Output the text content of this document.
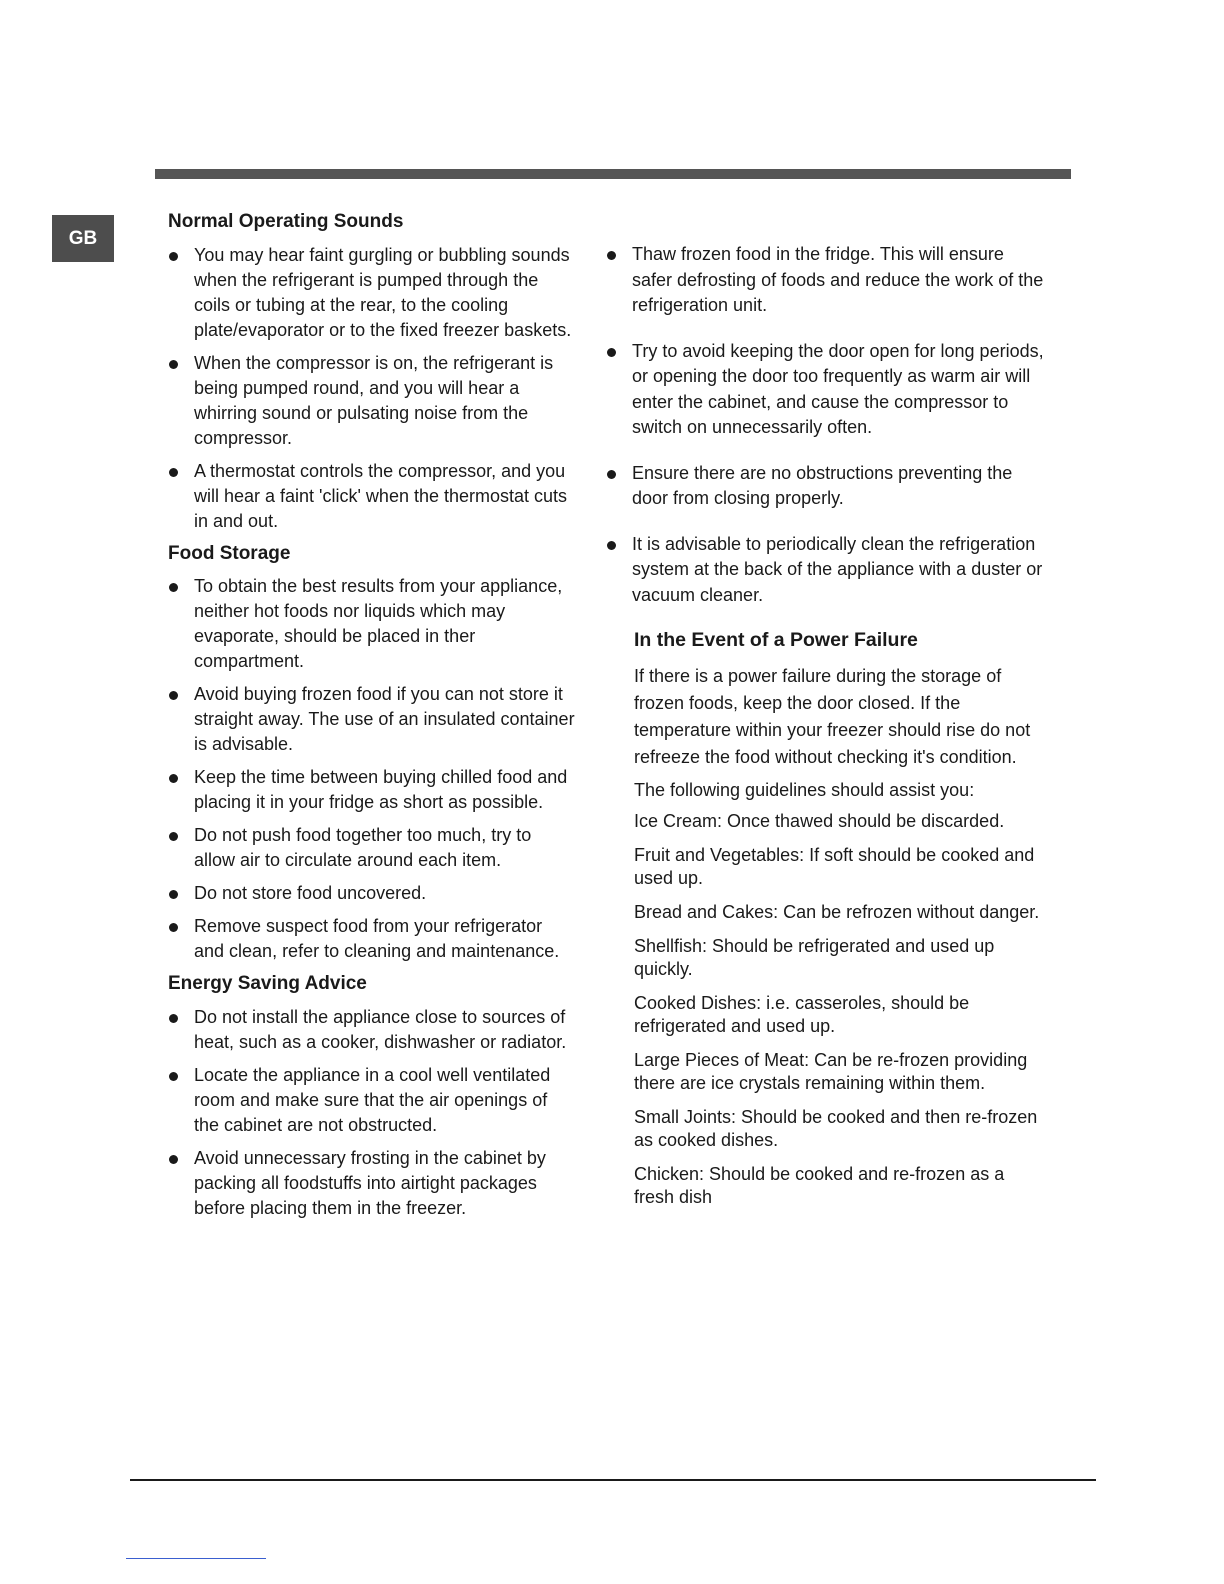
GB
Normal Operating Sounds
You may hear faint gurgling or bubbling sounds when the refrigerant is pumped through the coils or tubing at the rear, to the cooling plate/evaporator or to the fixed freezer baskets.
When the compressor is on, the refrigerant is being pumped round, and you will hear a whirring sound or pulsating noise from the compressor.
A thermostat controls the compressor, and you will hear a faint 'click' when the thermostat cuts in and out.
Food Storage
To obtain the best results from your appliance, neither hot foods nor liquids which may evaporate, should be placed in ther compartment.
Avoid buying frozen food if you can not store it straight away. The use of an insulated container is advisable.
Keep the time between buying chilled food and placing it in your fridge as short as possible.
Do not push food together too much, try to allow air to circulate around each item.
Do not store food uncovered.
Remove suspect food from your refrigerator and clean, refer to cleaning and maintenance.
Energy Saving Advice
Do not install the appliance close to sources of heat, such as a cooker, dishwasher or radiator.
Locate the appliance in a cool well ventilated room and make sure that the air openings of the cabinet are not obstructed.
Avoid unnecessary frosting in the cabinet by packing all foodstuffs into airtight packages before placing them in the freezer.
Thaw frozen food in the fridge. This will ensure safer defrosting of foods and reduce the work of the refrigeration unit.
Try to avoid keeping the door open for long periods, or opening the door too frequently as warm air will enter the cabinet, and cause the compressor to switch on unnecessarily often.
Ensure there are no obstructions preventing the door from closing properly.
It is advisable to periodically clean the refrigeration system at the back of the appliance with a duster or vacuum cleaner.
In the Event of a Power Failure

If there is a power failure during the storage of frozen foods, keep the door closed. If the temperature within your freezer should rise do not refreeze the food without checking it's condition.

The following guidelines should assist you:

Ice Cream: Once thawed should be discarded.

Fruit and Vegetables: If soft should be cooked and used up.

Bread and Cakes: Can be refrozen without danger.

Shellfish: Should be refrigerated and used up quickly.

Cooked Dishes: i.e. casseroles, should be refrigerated and used up.

Large Pieces of Meat: Can be re-frozen providing there are ice crystals remaining within them.

Small Joints: Should be cooked and then re-frozen as cooked dishes.

Chicken: Should be cooked and re-frozen as a fresh dish
